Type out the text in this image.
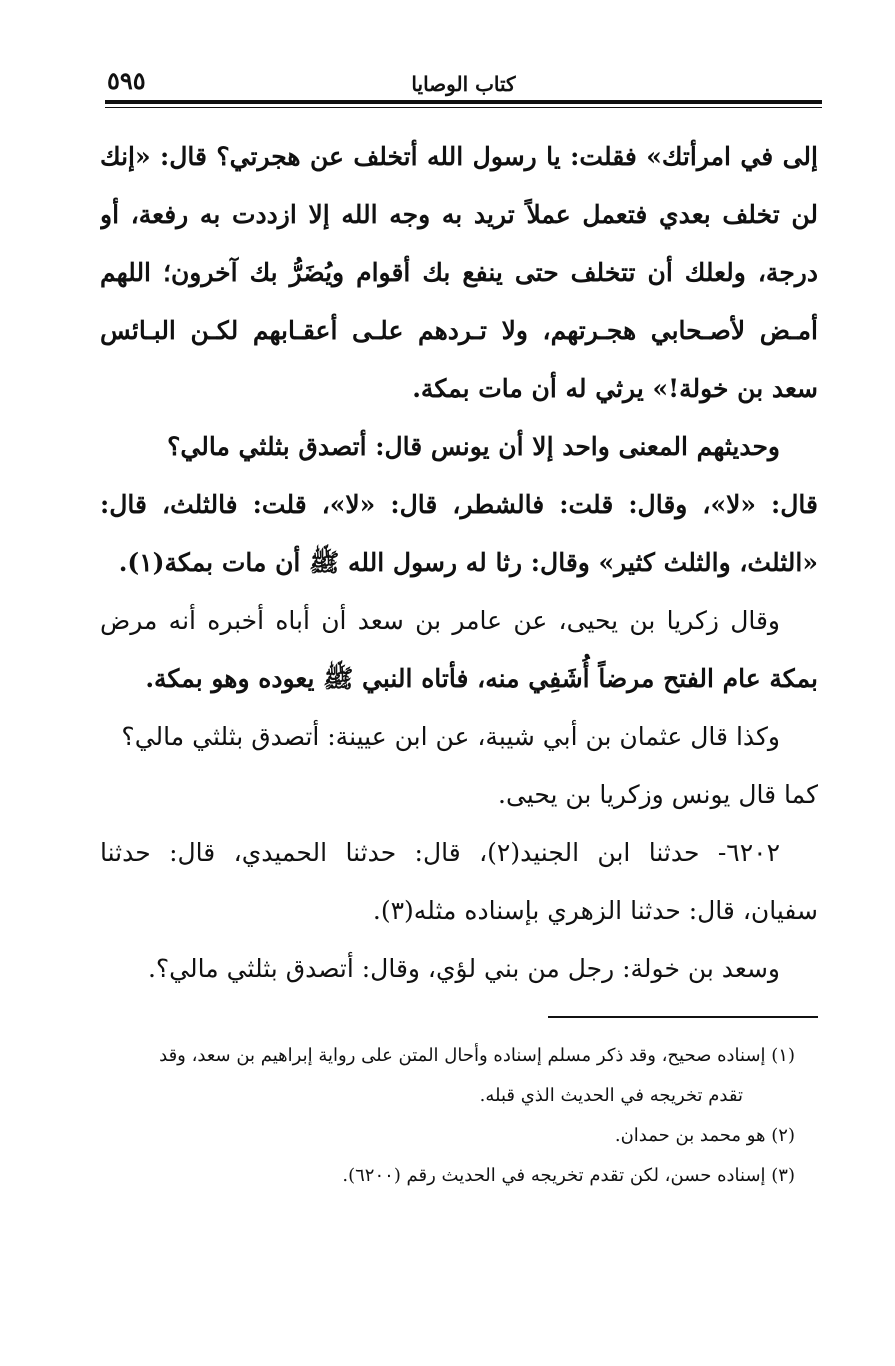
كتاب الوصايا
٥٩٥
إلى في امرأتك» فقلت: يا رسول الله أتخلف عن هجرتي؟ قال: «إنك
لن تخلف بعدي فتعمل عملاً تريد به وجه الله إلا ازددت به رفعة، أو
درجة، ولعلك أن تتخلف حتى ينفع بك أقوام ويُضَرُّ بك آخرون؛ اللهم
أمـض لأصـحابي هجـرتهم، ولا تـردهم علـى أعقـابهم لكـن البـائس
سعد بن خولة!» يرثي له أن مات بمكة.
وحديثهم المعنى واحد إلا أن يونس قال: أتصدق بثلثي مالي؟
قال: «لا»، وقال: قلت: فالشطر، قال: «لا»، قلت: فالثلث، قال:
«الثلث، والثلث كثير» وقال: رثا له رسول الله ﷺ أن مات بمكة(١).
وقال زكريا بن يحيى، عن عامر بن سعد أن أباه أخبره أنه مرض
بمكة عام الفتح مرضاً أُشَفِي منه، فأتاه النبي ﷺ يعوده وهو بمكة.
وكذا قال عثمان بن أبي شيبة، عن ابن عيينة: أتصدق بثلثي مالي؟
كما قال يونس وزكريا بن يحيى.
٦٢٠٢- حدثنا ابن الجنيد(٢)، قال: حدثنا الحميدي، قال: حدثنا
سفيان، قال: حدثنا الزهري بإسناده مثله(٣).
وسعد بن خولة: رجل من بني لؤي، وقال: أتصدق بثلثي مالي؟.
(١) إسناده صحيح، وقد ذكر مسلم إسناده وأحال المتن على رواية إبراهيم بن سعد، وقد
تقدم تخريجه في الحديث الذي قبله.
(٢) هو محمد بن حمدان.
(٣) إسناده حسن، لكن تقدم تخريجه في الحديث رقم (٦٢٠٠).
